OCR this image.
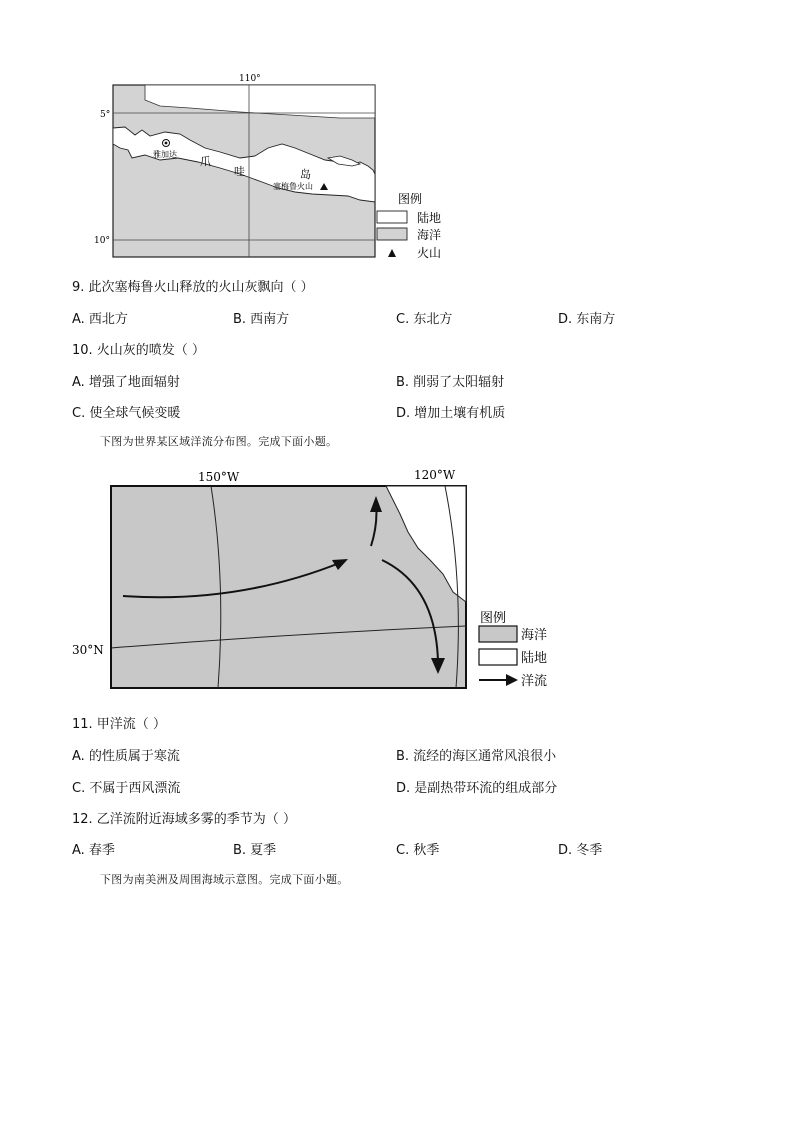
110°
5°
10°
雅加达
爪
哇	岛
塞梅鲁火山
图例
陆地
海洋
火山
9. 此次塞梅鲁火山释放的火山灰飘向（ ）
A. 西北方	B. 西南方	C. 东北方	D. 东南方
10. 火山灰的喷发（ ）
A. 增强了地面辐射	B. 削弱了太阳辐射
C. 使全球气候变暖	D. 增加土壤有机质
下图为世界某区域洋流分布图。完成下面小题。
150°W	120°W
30°N
图例
海洋
陆地
洋流
11. 甲洋流（ ）
A. 的性质属于寒流	B. 流经的海区通常风浪很小
C. 不属于西风漂流	D. 是副热带环流的组成部分
12. 乙洋流附近海域多雾的季节为（ ）
A. 春季	B. 夏季	C. 秋季	D. 冬季
下图为南美洲及周围海域示意图。完成下面小题。
